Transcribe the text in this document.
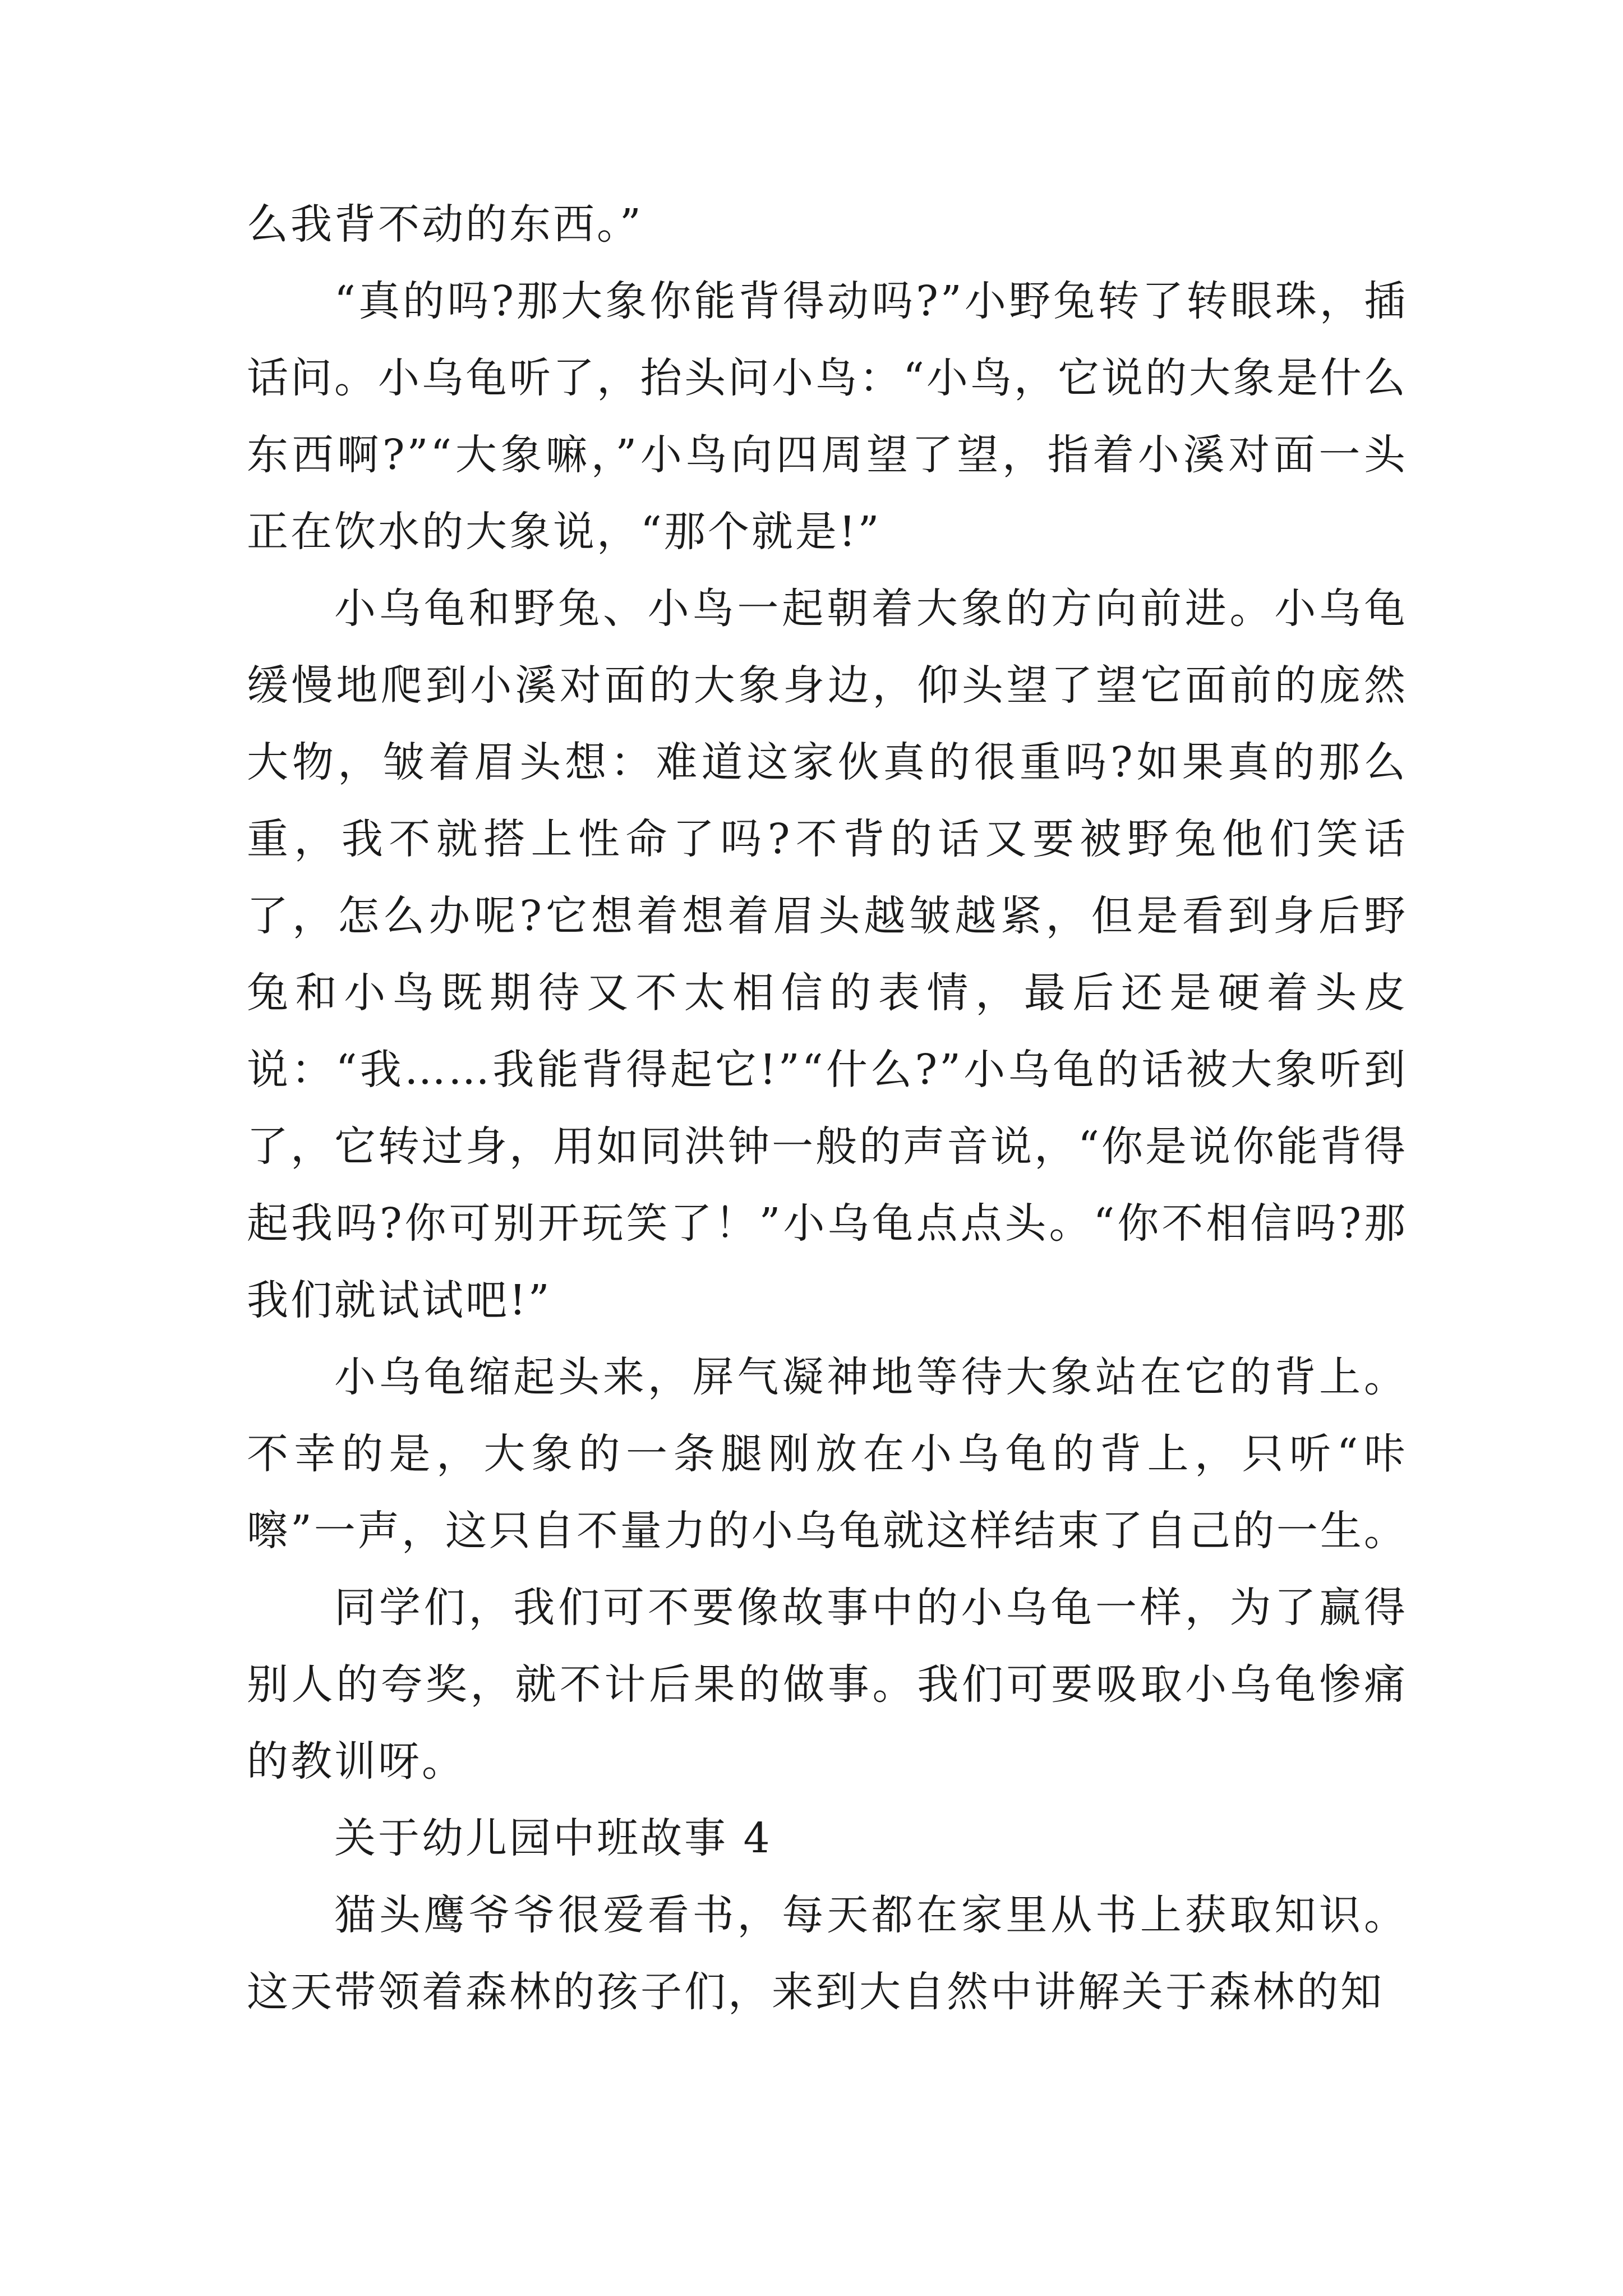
么我背不动的东西。”

“真的吗?那大象你能背得动吗?”小野兔转了转眼珠，插话问。小乌龟听了，抬头问小鸟：“小鸟，它说的大象是什么东西啊?”“大象嘛，”小鸟向四周望了望，指着小溪对面一头正在饮水的大象说，“那个就是!”

小乌龟和野兔、小鸟一起朝着大象的方向前进。小乌龟缓慢地爬到小溪对面的大象身边，仰头望了望它面前的庞然大物，皱着眉头想：难道这家伙真的很重吗?如果真的那么重，我不就搭上性命了吗?不背的话又要被野兔他们笑话了，怎么办呢?它想着想着眉头越皱越紧，但是看到身后野兔和小鸟既期待又不太相信的表情，最后还是硬着头皮说：“我……我能背得起它!”“什么?”小乌龟的话被大象听到了，它转过身，用如同洪钟一般的声音说，“你是说你能背得起我吗?你可别开玩笑了！”小乌龟点点头。“你不相信吗?那我们就试试吧!”

小乌龟缩起头来，屏气凝神地等待大象站在它的背上。不幸的是，大象的一条腿刚放在小乌龟的背上，只听“咔嚓”一声，这只自不量力的小乌龟就这样结束了自己的一生。

同学们，我们可不要像故事中的小乌龟一样，为了赢得别人的夸奖，就不计后果的做事。我们可要吸取小乌龟惨痛的教训呀。

关于幼儿园中班故事 4

猫头鹰爷爷很爱看书，每天都在家里从书上获取知识。这天带领着森林的孩子们，来到大自然中讲解关于森林的知
